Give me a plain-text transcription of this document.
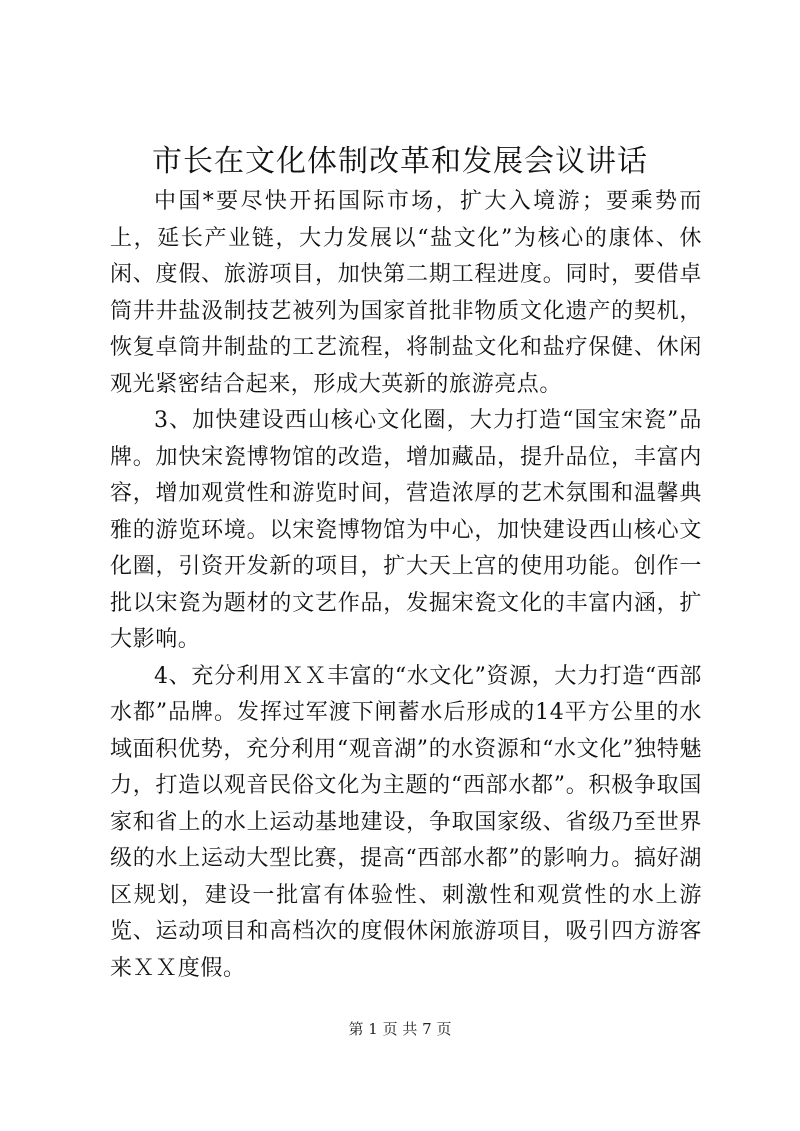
市长在文化体制改革和发展会议讲话

中国*要尽快开拓国际市场，扩大入境游；要乘势而上，延长产业链，大力发展以“盐文化”为核心的康体、休闲、度假、旅游项目，加快第二期工程进度。同时，要借卓筒井井盐汲制技艺被列为国家首批非物质文化遗产的契机，恢复卓筒井制盐的工艺流程，将制盐文化和盐疗保健、休闲观光紧密结合起来，形成大英新的旅游亮点。

3、加快建设西山核心文化圈，大力打造“国宝宋瓷”品牌。加快宋瓷博物馆的改造，增加藏品，提升品位，丰富内容，增加观赏性和游览时间，营造浓厚的艺术氛围和温馨典雅的游览环境。以宋瓷博物馆为中心，加快建设西山核心文化圈，引资开发新的项目，扩大天上宫的使用功能。创作一批以宋瓷为题材的文艺作品，发掘宋瓷文化的丰富内涵，扩大影响。

4、充分利用ＸＸ丰富的“水文化”资源，大力打造“西部水都”品牌。发挥过军渡下闸蓄水后形成的14平方公里的水域面积优势，充分利用“观音湖”的水资源和“水文化”独特魅力，打造以观音民俗文化为主题的“西部水都”。积极争取国家和省上的水上运动基地建设，争取国家级、省级乃至世界级的水上运动大型比赛，提高“西部水都”的影响力。搞好湖区规划，建设一批富有体验性、刺激性和观赏性的水上游览、运动项目和高档次的度假休闲旅游项目，吸引四方游客来ＸＸ度假。

第 1 页 共 7 页
